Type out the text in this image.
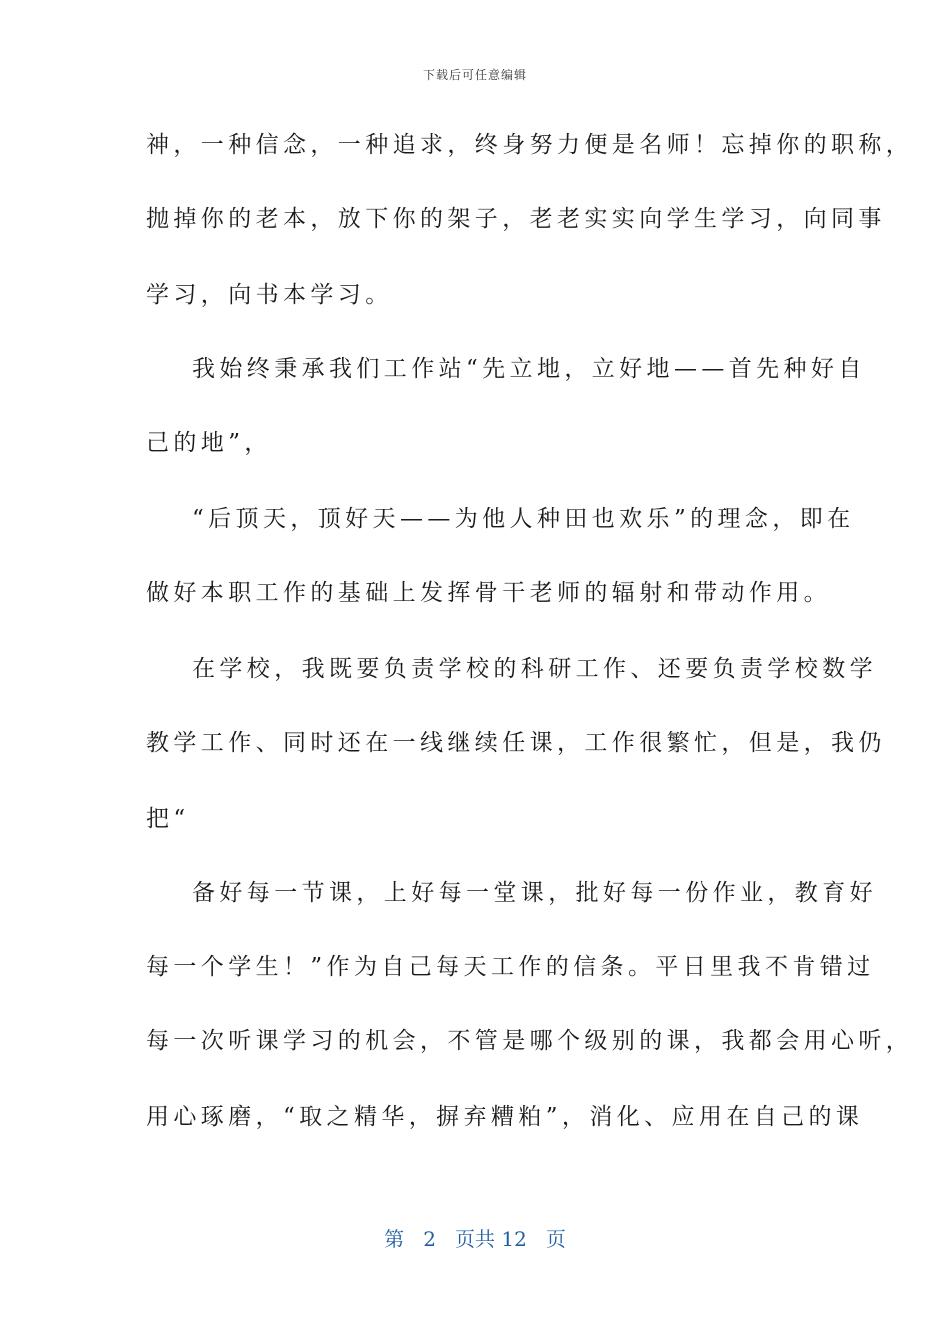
下载后可任意编辑
神，一种信念，一种追求，终身努力便是名师！忘掉你的职称，
抛掉你的老本，放下你的架子，老老实实向学生学习，向同事
学习，向书本学习。
我始终秉承我们工作站“先立地，立好地——首先种好自
己的地”，
“后顶天，顶好天——为他人种田也欢乐”的理念，即在
做好本职工作的基础上发挥骨干老师的辐射和带动作用。
在学校，我既要负责学校的科研工作、还要负责学校数学
教学工作、同时还在一线继续任课，工作很繁忙，但是，我仍
把“
备好每一节课，上好每一堂课，批好每一份作业，教育好
每一个学生！”作为自己每天工作的信条。平日里我不肯错过
每一次听课学习的机会，不管是哪个级别的课，我都会用心听，
用心琢磨，“取之精华，摒弃糟粕”，消化、应用在自己的课
第 2 页共 12 页
